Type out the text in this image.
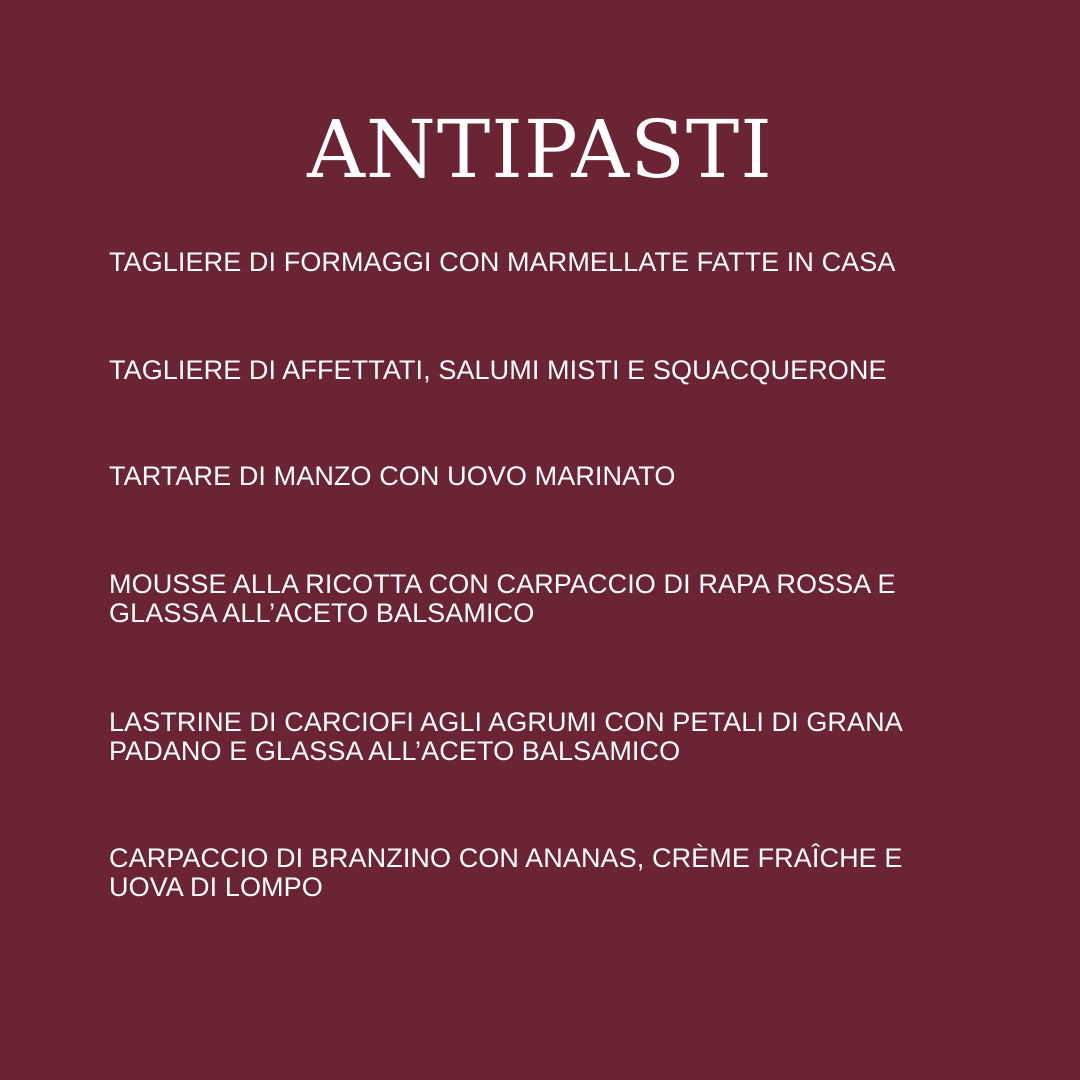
ANTIPASTI
TAGLIERE DI FORMAGGI CON MARMELLATE FATTE IN CASA
TAGLIERE DI AFFETTATI, SALUMI MISTI E SQUACQUERONE
TARTARE DI MANZO CON UOVO MARINATO
MOUSSE ALLA RICOTTA CON CARPACCIO DI RAPA ROSSA E GLASSA ALL’ACETO BALSAMICO
LASTRINE DI CARCIOFI AGLI AGRUMI CON PETALI DI GRANA PADANO E GLASSA ALL’ACETO BALSAMICO
CARPACCIO DI BRANZINO CON ANANAS, CRÈME FRAÎCHE E UOVA DI LOMPO
